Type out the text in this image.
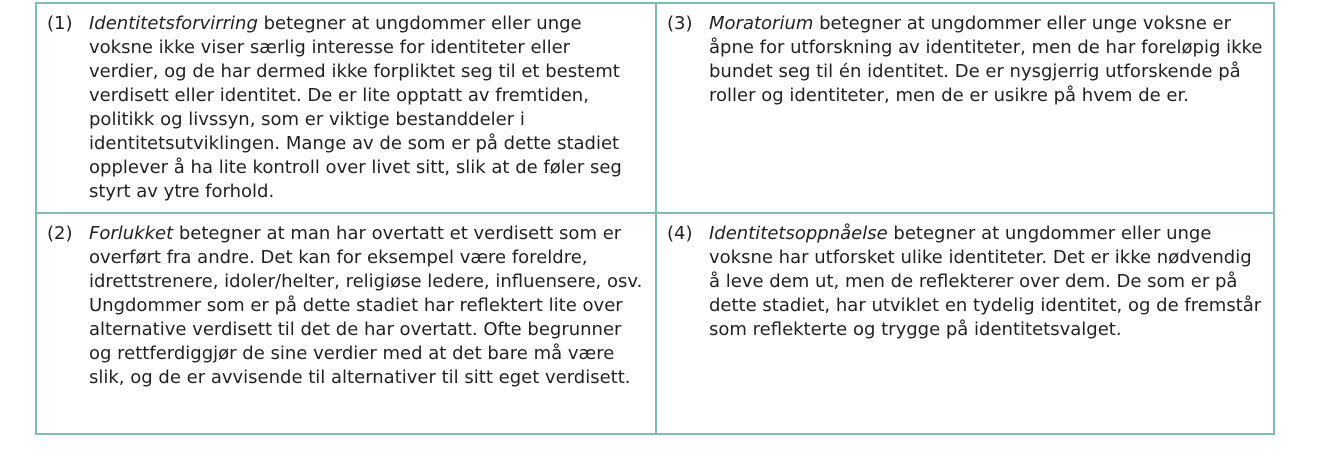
(1) Identitetsforvirring betegner at ungdommer eller unge voksne ikke viser særlig interesse for identiteter eller verdier, og de har dermed ikke forpliktet seg til et bestemt verdisett eller identitet. De er lite opptatt av fremtiden, politikk og livssyn, som er viktige bestanddeler i identitetsutviklingen. Mange av de som er på dette stadiet opplever å ha lite kontroll over livet sitt, slik at de føler seg styrt av ytre forhold.
(3) Moratorium betegner at ungdommer eller unge voksne er åpne for utforskning av identiteter, men de har foreløpig ikke bundet seg til én identitet. De er nysgjerrig utforskende på roller og identiteter, men de er usikre på hvem de er.
(2) Forlukket betegner at man har overtatt et verdisett som er overført fra andre. Det kan for eksempel være foreldre, idrettstrenere, idoler/helter, religiøse ledere, influensere, osv. Ungdommer som er på dette stadiet har reflektert lite over alternative verdisett til det de har overtatt. Ofte begrunner og rettferdiggjør de sine verdier med at det bare må være slik, og de er avvisende til alternativer til sitt eget verdisett.
(4) Identitetsoppnåelse betegner at ungdommer eller unge voksne har utforsket ulike identiteter. Det er ikke nødvendig å leve dem ut, men de reflekterer over dem. De som er på dette stadiet, har utviklet en tydelig identitet, og de fremstår som reflekterte og trygge på identitetsvalget.
